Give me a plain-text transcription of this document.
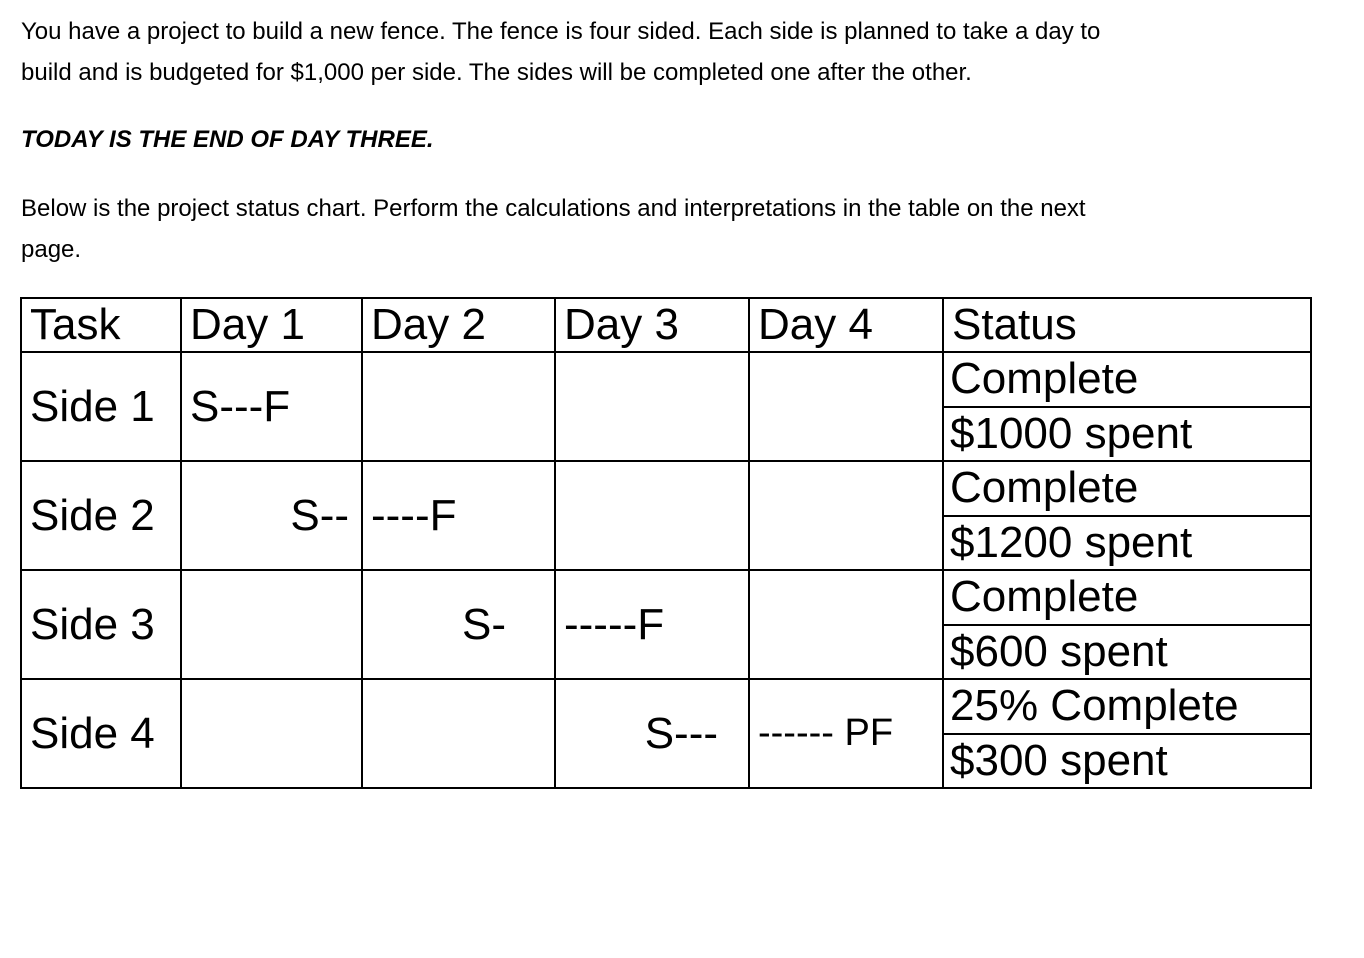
You have a project to build a new fence. The fence is four sided. Each side is planned to take a day to

build and is budgeted for $1,000 per side. The sides will be completed one after the other.

TODAY IS THE END OF DAY THREE.

Below is the project status chart. Perform the calculations and interpretations in the table on the next

page.

Task	Day 1	Day 2	Day 3	Day 4	Status
Side 1	S---F				Complete
					$1000 spent
Side 2	S--	----F			Complete
					$1200 spent
Side 3		S-	-----F		Complete
					$600 spent
Side 4			S---	------ PF	25% Complete
					$300 spent
